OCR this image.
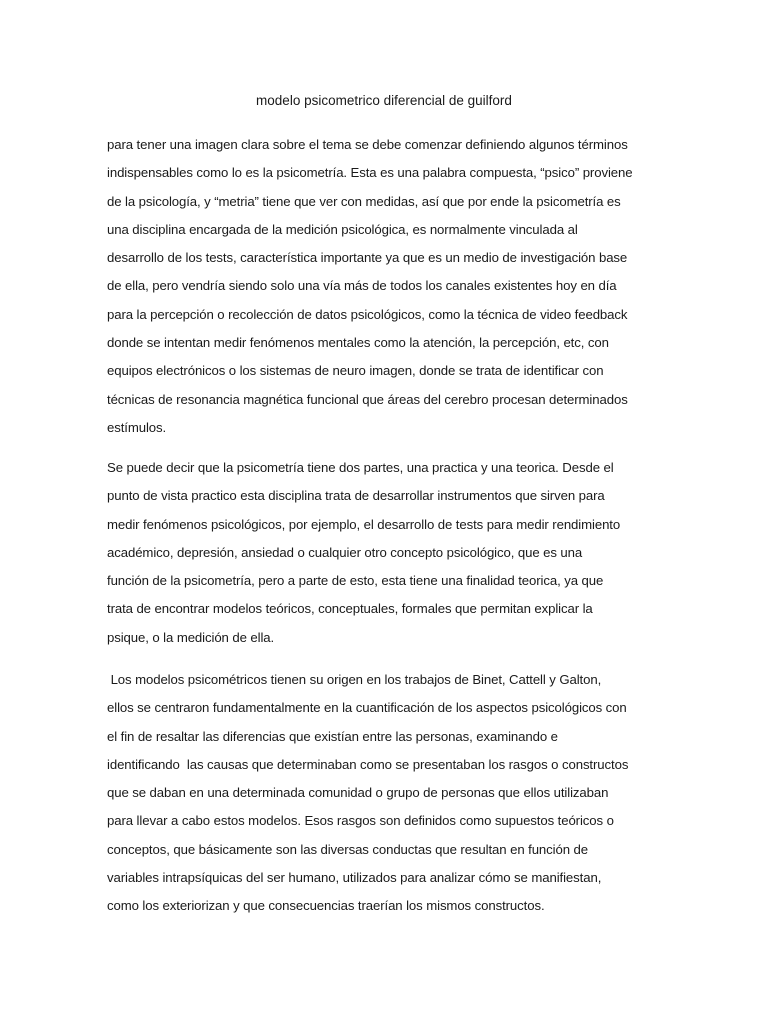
modelo psicometrico diferencial de guilford

para tener una imagen clara sobre el tema se debe comenzar definiendo algunos términos
indispensables como lo es la psicometría. Esta es una palabra compuesta, “psico” proviene
de la psicología, y “metria” tiene que ver con medidas, así que por ende la psicometría es
una disciplina encargada de la medición psicológica, es normalmente vinculada al
desarrollo de los tests, característica importante ya que es un medio de investigación base
de ella, pero vendría siendo solo una vía más de todos los canales existentes hoy en día
para la percepción o recolección de datos psicológicos, como la técnica de video feedback
donde se intentan medir fenómenos mentales como la atención, la percepción, etc, con
equipos electrónicos o los sistemas de neuro imagen, donde se trata de identificar con
técnicas de resonancia magnética funcional que áreas del cerebro procesan determinados
estímulos.

Se puede decir que la psicometría tiene dos partes, una practica y una teorica. Desde el
punto de vista practico esta disciplina trata de desarrollar instrumentos que sirven para
medir fenómenos psicológicos, por ejemplo, el desarrollo de tests para medir rendimiento
académico, depresión, ansiedad o cualquier otro concepto psicológico, que es una
función de la psicometría, pero a parte de esto, esta tiene una finalidad teorica, ya que
trata de encontrar modelos teóricos, conceptuales, formales que permitan explicar la
psique, o la medición de ella.

Los modelos psicométricos tienen su origen en los trabajos de Binet, Cattell y Galton,
ellos se centraron fundamentalmente en la cuantificación de los aspectos psicológicos con
el fin de resaltar las diferencias que existían entre las personas, examinando e
identificando  las causas que determinaban como se presentaban los rasgos o constructos
que se daban en una determinada comunidad o grupo de personas que ellos utilizaban
para llevar a cabo estos modelos. Esos rasgos son definidos como supuestos teóricos o
conceptos, que básicamente son las diversas conductas que resultan en función de
variables intrapsíquicas del ser humano, utilizados para analizar cómo se manifiestan,
como los exteriorizan y que consecuencias traerían los mismos constructos.
